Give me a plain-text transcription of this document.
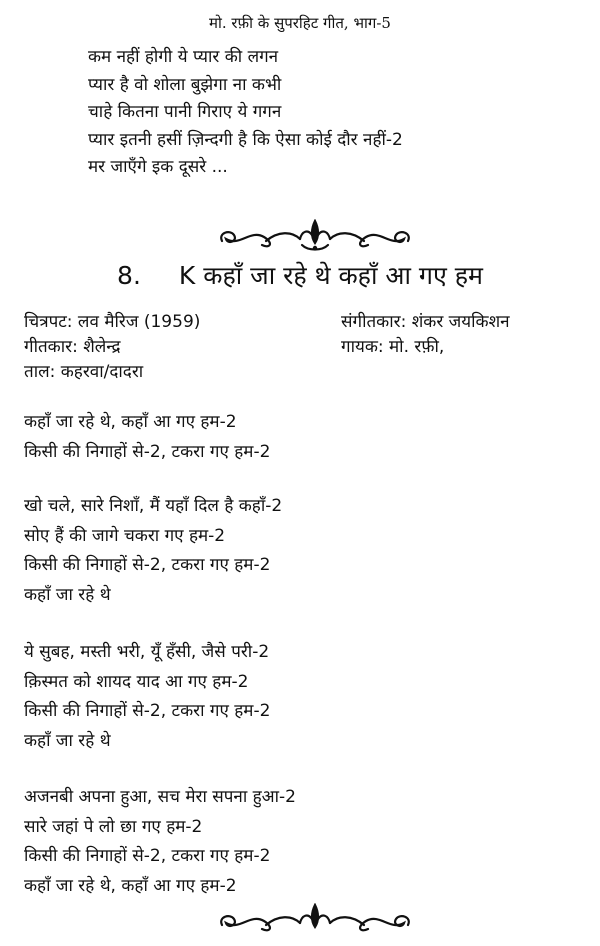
मो. रफ़ी के सुपरहिट गीत, भाग-5
कम नहीं होगी ये प्यार की लगन
प्यार है वो शोला बुझेगा ना कभी
चाहे कितना पानी गिराए ये गगन
प्यार इतनी हसीं ज़िन्दगी है कि ऐसा कोई दौर नहीं-2
मर जाएँगे इक दूसरे ...
8. K कहाँ जा रहे थे कहाँ आ गए हम
चित्रपट: लव मैरिज (1959)	संगीतकार: शंकर जयकिशन
गीतकार: शैलेन्द्र	गायक: मो. रफ़ी,
ताल: कहरवा/दादरा
कहाँ जा रहे थे, कहाँ आ गए हम-2
किसी की निगाहों से-2, टकरा गए हम-2
खो चले, सारे निशाँ, मैं यहाँ दिल है कहाँ-2
सोए हैं की जागे चकरा गए हम-2
किसी की निगाहों से-2, टकरा गए हम-2
कहाँ जा रहे थे
ये सुबह, मस्ती भरी, यूँ हँसी, जैसे परी-2
क़िस्मत को शायद याद आ गए हम-2
किसी की निगाहों से-2, टकरा गए हम-2
कहाँ जा रहे थे
अजनबी अपना हुआ, सच मेरा सपना हुआ-2
सारे जहां पे लो छा गए हम-2
किसी की निगाहों से-2, टकरा गए हम-2
कहाँ जा रहे थे, कहाँ आ गए हम-2
